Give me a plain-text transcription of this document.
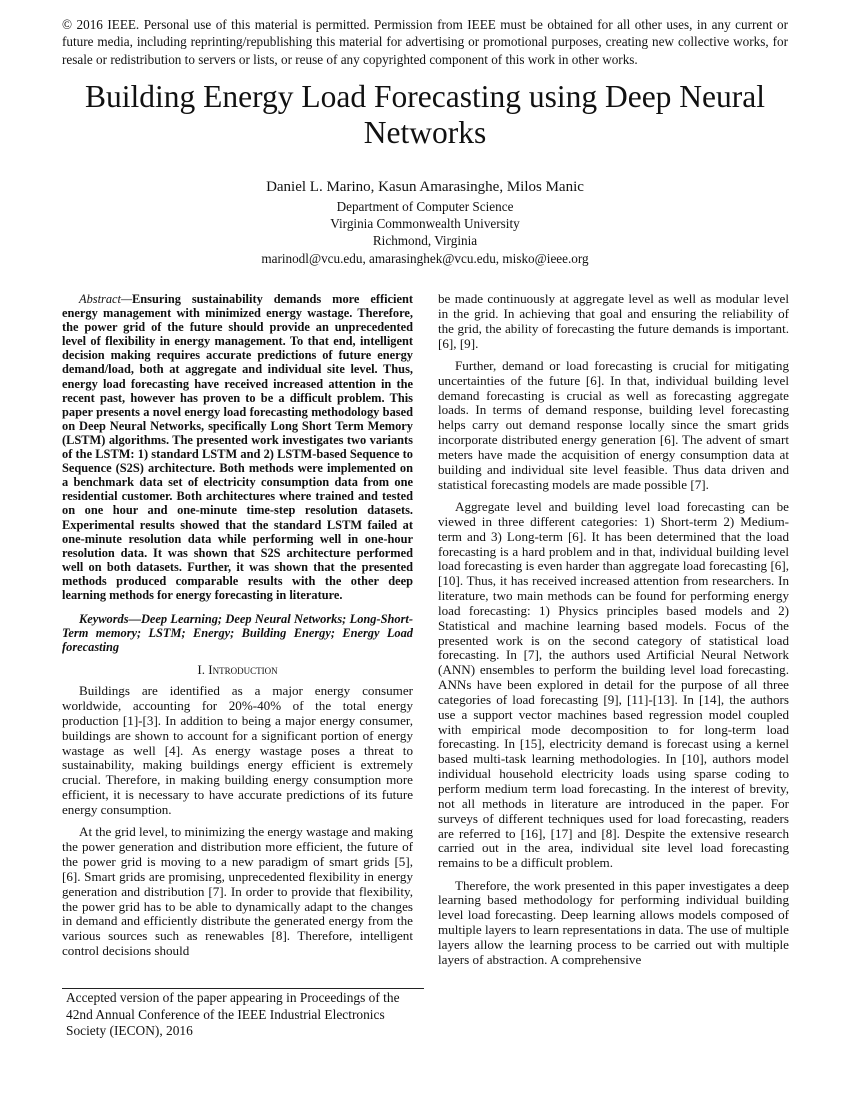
© 2016 IEEE. Personal use of this material is permitted. Permission from IEEE must be obtained for all other uses, in any current or future media, including reprinting/republishing this material for advertising or promotional purposes, creating new collective works, for resale or redistribution to servers or lists, or reuse of any copyrighted component of this work in other works.
Building Energy Load Forecasting using Deep Neural Networks
Daniel L. Marino, Kasun Amarasinghe, Milos Manic
Department of Computer Science
Virginia Commonwealth University
Richmond, Virginia
marinodl@vcu.edu, amarasinghek@vcu.edu, misko@ieee.org

Abstract—Ensuring sustainability demands more efficient energy management with minimized energy wastage. Therefore, the power grid of the future should provide an unprecedented level of flexibility in energy management. To that end, intelligent decision making requires accurate predictions of future energy demand/load, both at aggregate and individual site level. Thus, energy load forecasting have received increased attention in the recent past, however has proven to be a difficult problem. This paper presents a novel energy load forecasting methodology based on Deep Neural Networks, specifically Long Short Term Memory (LSTM) algorithms. The presented work investigates two variants of the LSTM: 1) standard LSTM and 2) LSTM-based Sequence to Sequence (S2S) architecture. Both methods were implemented on a benchmark data set of electricity consumption data from one residential customer. Both architectures where trained and tested on one hour and one-minute time-step resolution datasets. Experimental results showed that the standard LSTM failed at one-minute resolution data while performing well in one-hour resolution data. It was shown that S2S architecture performed well on both datasets. Further, it was shown that the presented methods produced comparable results with the other deep learning methods for energy forecasting in literature.

Keywords—Deep Learning; Deep Neural Networks; Long-Short-Term memory; LSTM; Energy; Building Energy; Energy Load forecasting

I. Introduction

Buildings are identified as a major energy consumer worldwide, accounting for 20%-40% of the total energy production [1]-[3]. In addition to being a major energy consumer, buildings are shown to account for a significant portion of energy wastage as well [4]. As energy wastage poses a threat to sustainability, making buildings energy efficient is extremely crucial. Therefore, in making building energy consumption more efficient, it is necessary to have accurate predictions of its future energy consumption.

At the grid level, to minimizing the energy wastage and making the power generation and distribution more efficient, the future of the power grid is moving to a new paradigm of smart grids [5], [6]. Smart grids are promising, unprecedented flexibility in energy generation and distribution [7]. In order to provide that flexibility, the power grid has to be able to dynamically adapt to the changes in demand and efficiently distribute the generated energy from the various sources such as renewables [8]. Therefore, intelligent control decisions should

be made continuously at aggregate level as well as modular level in the grid. In achieving that goal and ensuring the reliability of the grid, the ability of forecasting the future demands is important. [6], [9].

Further, demand or load forecasting is crucial for mitigating uncertainties of the future [6]. In that, individual building level demand forecasting is crucial as well as forecasting aggregate loads. In terms of demand response, building level forecasting helps carry out demand response locally since the smart grids incorporate distributed energy generation [6]. The advent of smart meters have made the acquisition of energy consumption data at building and individual site level feasible. Thus data driven and statistical forecasting models are made possible [7].

Aggregate level and building level load forecasting can be viewed in three different categories: 1) Short-term 2) Medium-term and 3) Long-term [6]. It has been determined that the load forecasting is a hard problem and in that, individual building level load forecasting is even harder than aggregate load forecasting [6], [10]. Thus, it has received increased attention from researchers. In literature, two main methods can be found for performing energy load forecasting: 1) Physics principles based models and 2) Statistical and machine learning based models. Focus of the presented work is on the second category of statistical load forecasting. In [7], the authors used Artificial Neural Network (ANN) ensembles to perform the building level load forecasting. ANNs have been explored in detail for the purpose of all three categories of load forecasting [9], [11]-[13]. In [14], the authors use a support vector machines based regression model coupled with empirical mode decomposition to for long-term load forecasting. In [15], electricity demand is forecast using a kernel based multi-task learning methodologies. In [10], authors model individual household electricity loads using sparse coding to perform medium term load forecasting. In the interest of brevity, not all methods in literature are introduced in the paper. For surveys of different techniques used for load forecasting, readers are referred to [16], [17] and [8]. Despite the extensive research carried out in the area, individual site level load forecasting remains to be a difficult problem.

Therefore, the work presented in this paper investigates a deep learning based methodology for performing individual building level load forecasting. Deep learning allows models composed of multiple layers to learn representations in data. The use of multiple layers allow the learning process to be carried out with multiple layers of abstraction. A comprehensive

Accepted version of the paper appearing in Proceedings of the 42nd Annual Conference of the IEEE Industrial Electronics Society (IECON), 2016
